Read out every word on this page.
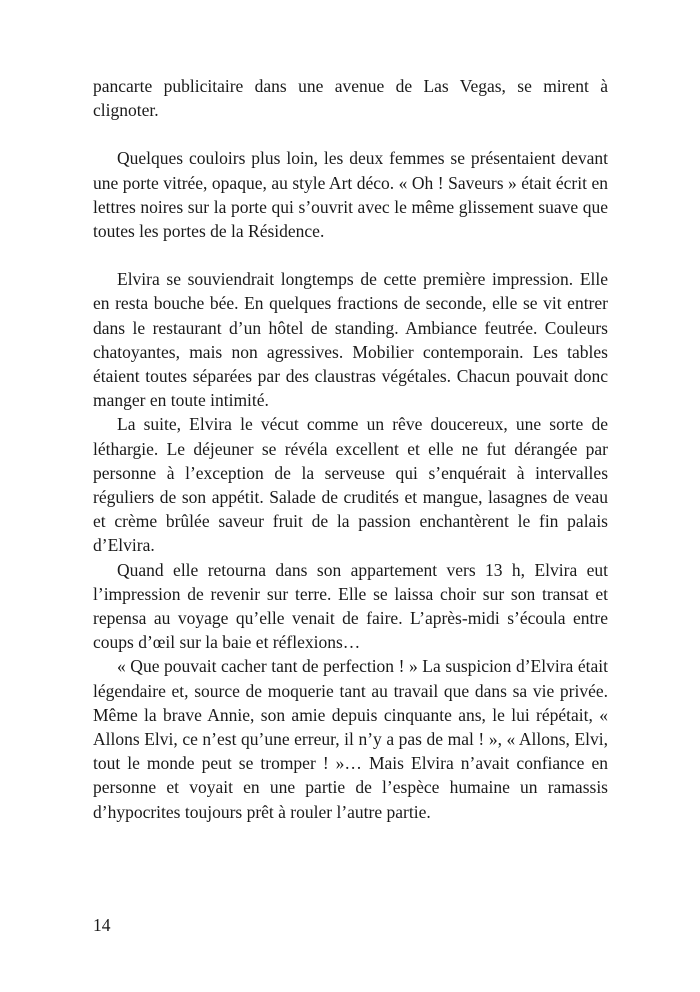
pancarte publicitaire dans une avenue de Las Vegas, se mirent à clignoter.

Quelques couloirs plus loin, les deux femmes se présentaient devant une porte vitrée, opaque, au style Art déco. « Oh ! Saveurs » était écrit en lettres noires sur la porte qui s’ouvrit avec le même glissement suave que toutes les portes de la Résidence.

Elvira se souviendrait longtemps de cette première impression. Elle en resta bouche bée. En quelques fractions de seconde, elle se vit entrer dans le restaurant d’un hôtel de standing. Ambiance feutrée. Couleurs chatoyantes, mais non agressives. Mobilier contemporain. Les tables étaient toutes séparées par des claustras végétales. Chacun pouvait donc manger en toute intimité.

La suite, Elvira le vécut comme un rêve doucereux, une sorte de léthargie. Le déjeuner se révéla excellent et elle ne fut dérangée par personne à l’exception de la serveuse qui s’enquérait à intervalles réguliers de son appétit. Salade de crudités et mangue, lasagnes de veau et crème brûlée saveur fruit de la passion enchantèrent le fin palais d’Elvira.

Quand elle retourna dans son appartement vers 13 h, Elvira eut l’impression de revenir sur terre. Elle se laissa choir sur son transat et repensa au voyage qu’elle venait de faire. L’après-midi s’écoula entre coups d’œil sur la baie et réflexions…

« Que pouvait cacher tant de perfection ! » La suspicion d’Elvira était légendaire et, source de moquerie tant au travail que dans sa vie privée. Même la brave Annie, son amie depuis cinquante ans, le lui répétait, « Allons Elvi, ce n’est qu’une erreur, il n’y a pas de mal ! », « Allons, Elvi, tout le monde peut se tromper ! »… Mais Elvira n’avait confiance en personne et voyait en une partie de l’espèce humaine un ramassis d’hypocrites toujours prêt à rouler l’autre partie.

14
